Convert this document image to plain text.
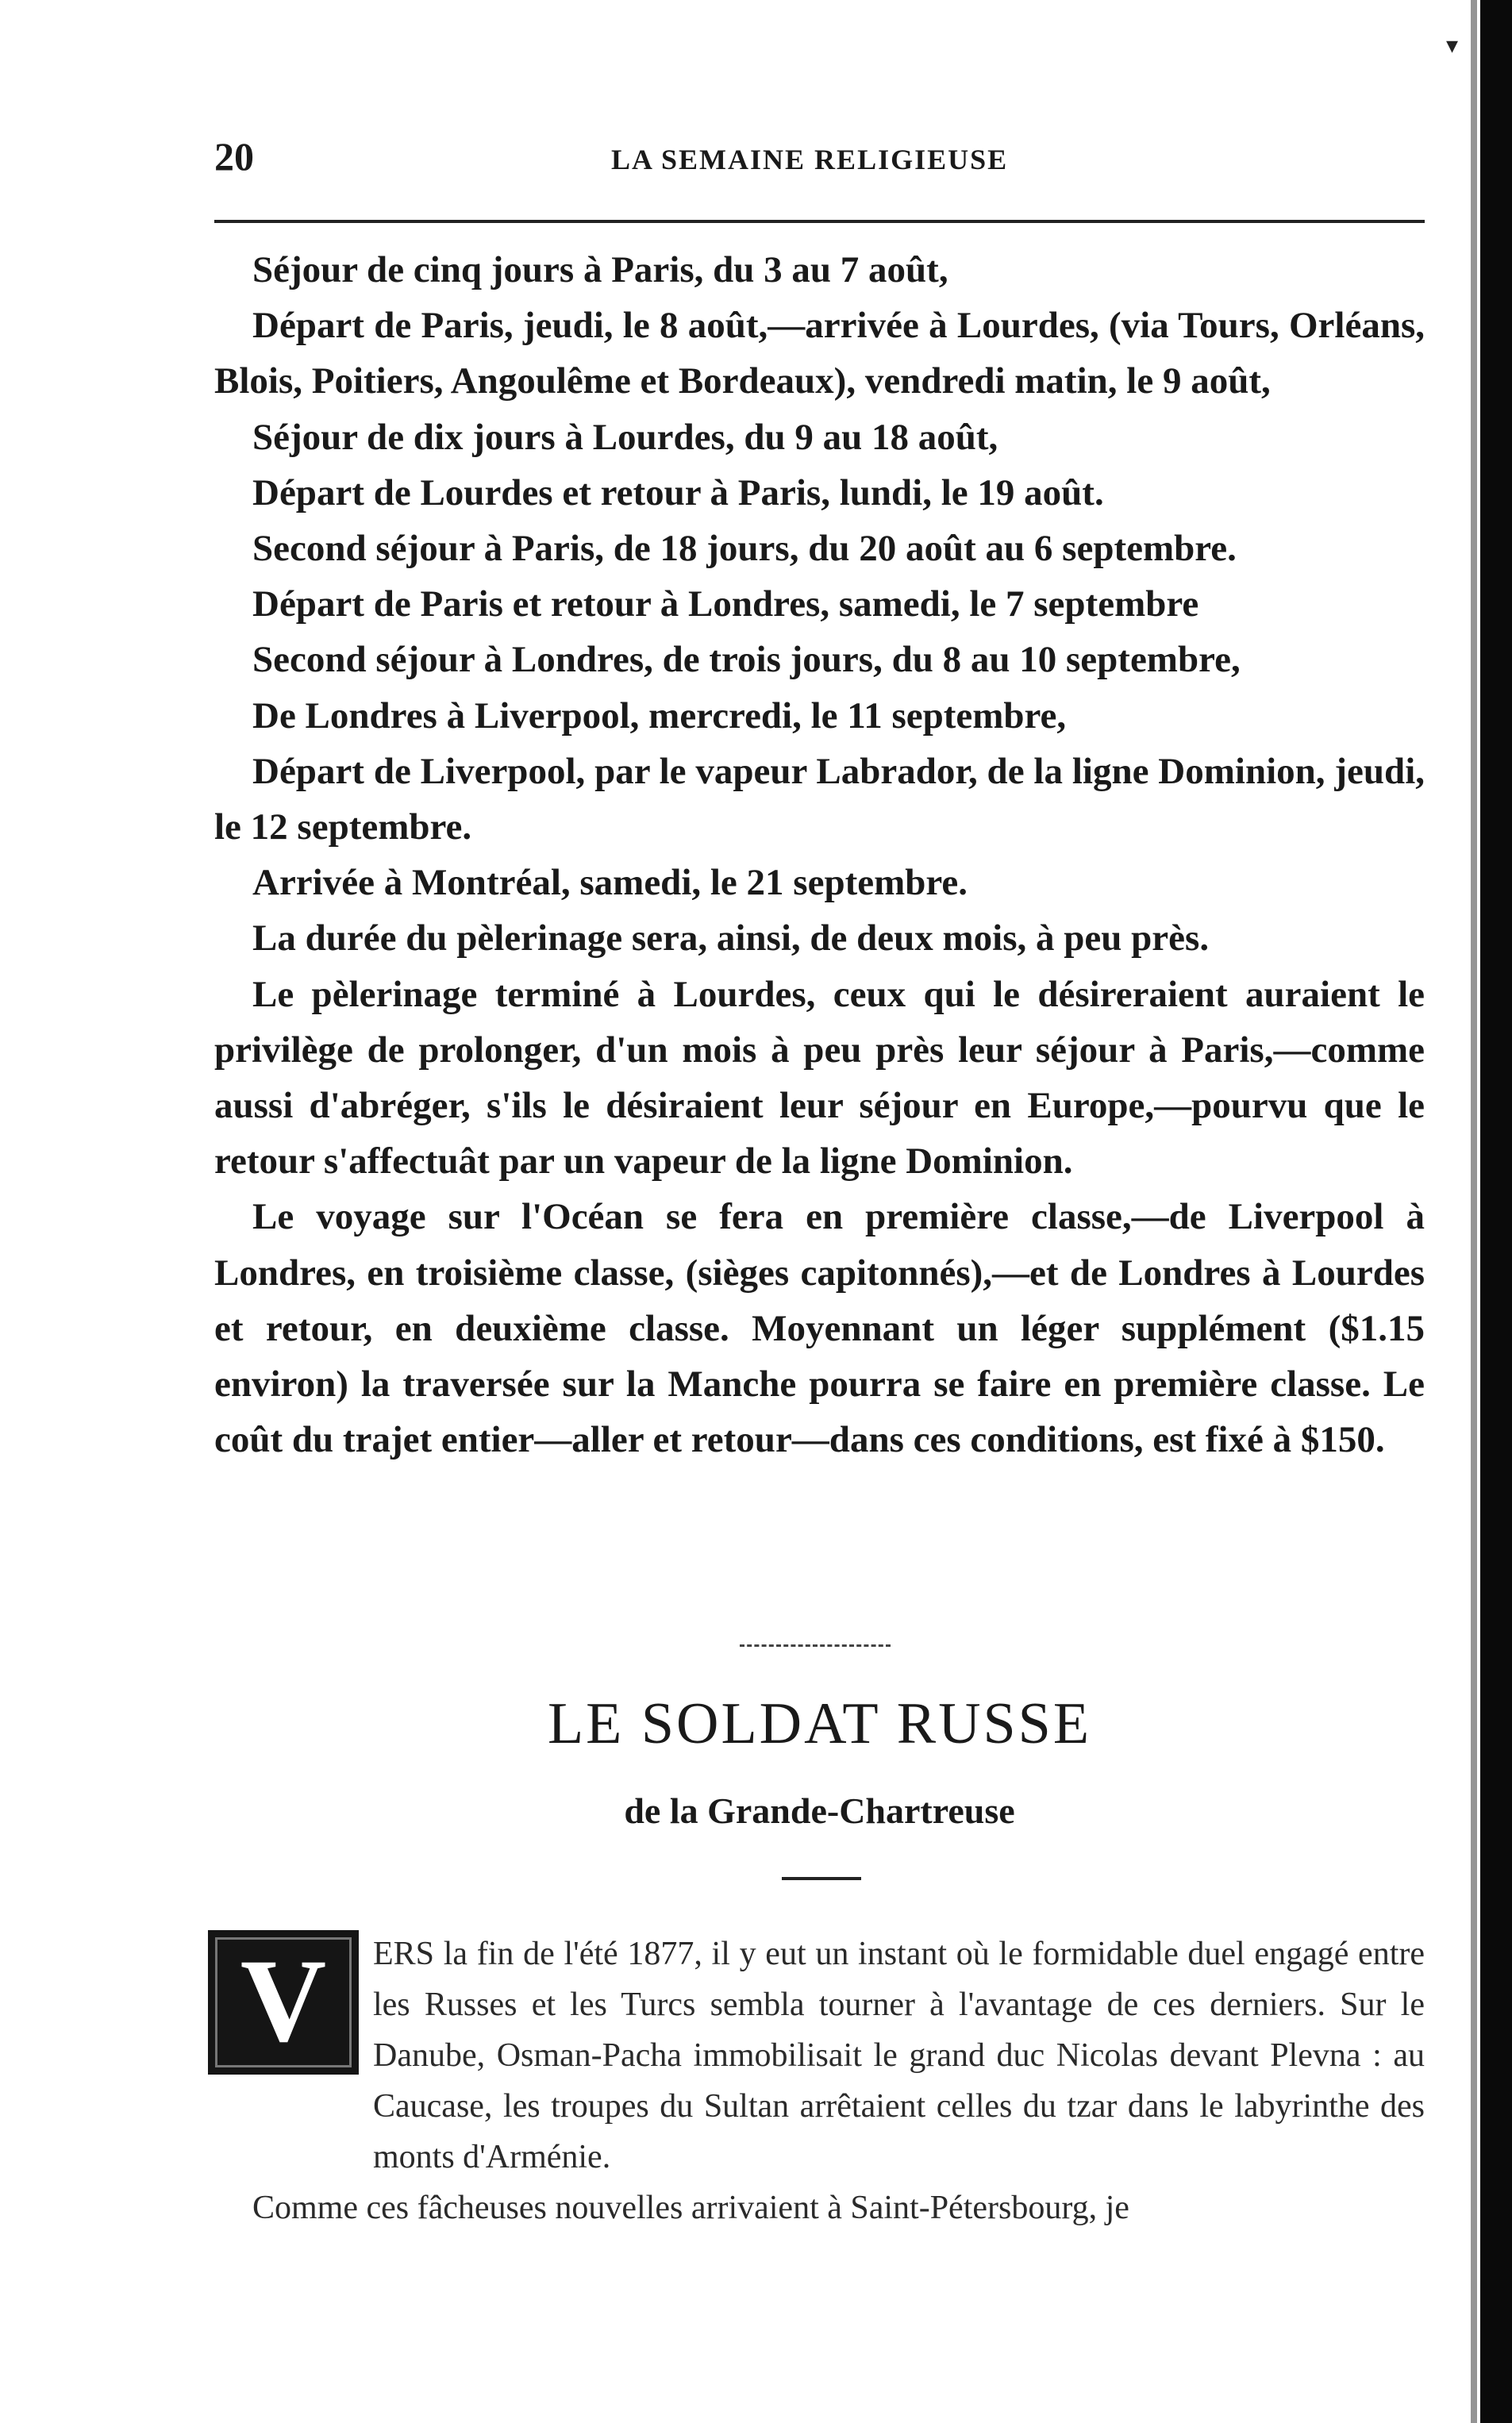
▾
20	LA SEMAINE RELIGIEUSE

Séjour de cinq jours à Paris, du 3 au 7 août,

Départ de Paris, jeudi, le 8 août,—arrivée à Lourdes, (via Tours, Orléans, Blois, Poitiers, Angoulême et Bordeaux), vendredi matin, le 9 août,

Séjour de dix jours à Lourdes, du 9 au 18 août,

Départ de Lourdes et retour à Paris, lundi, le 19 août.

Second séjour à Paris, de 18 jours, du 20 août au 6 septembre.

Départ de Paris et retour à Londres, samedi, le 7 septembre

Second séjour à Londres, de trois jours, du 8 au 10 septembre,

De Londres à Liverpool, mercredi, le 11 septembre,

Départ de Liverpool, par le vapeur Labrador, de la ligne Dominion, jeudi, le 12 septembre.

Arrivée à Montréal, samedi, le 21 septembre.

La durée du pèlerinage sera, ainsi, de deux mois, à peu près.

Le pèlerinage terminé à Lourdes, ceux qui le désireraient auraient le privilège de prolonger, d'un mois à peu près leur séjour à Paris,—comme aussi d'abréger, s'ils le désiraient leur séjour en Europe,—pourvu que le retour s'affectuât par un vapeur de la ligne Dominion.

Le voyage sur l'Océan se fera en première classe,—de Liverpool à Londres, en troisième classe, (sièges capitonnés),—et de Londres à Lourdes et retour, en deuxième classe. Moyennant un léger supplément ($1.15 environ) la traversée sur la Manche pourra se faire en première classe. Le coût du trajet entier—aller et retour—dans ces conditions, est fixé à $150.

LE SOLDAT RUSSE
de la Grande-Chartreuse
V	ERS la fin de l'été 1877, il y eut un instant où le formidable duel engagé entre les Russes et les Turcs sembla tourner à l'avantage de ces derniers. Sur le Danube, Osman-Pacha immobilisait le grand duc Nicolas devant Plevna : au Caucase, les troupes du Sultan arrêtaient celles du tzar dans le labyrinthe des monts d'Arménie.

Comme ces fâcheuses nouvelles arrivaient à Saint-Pétersbourg, je
